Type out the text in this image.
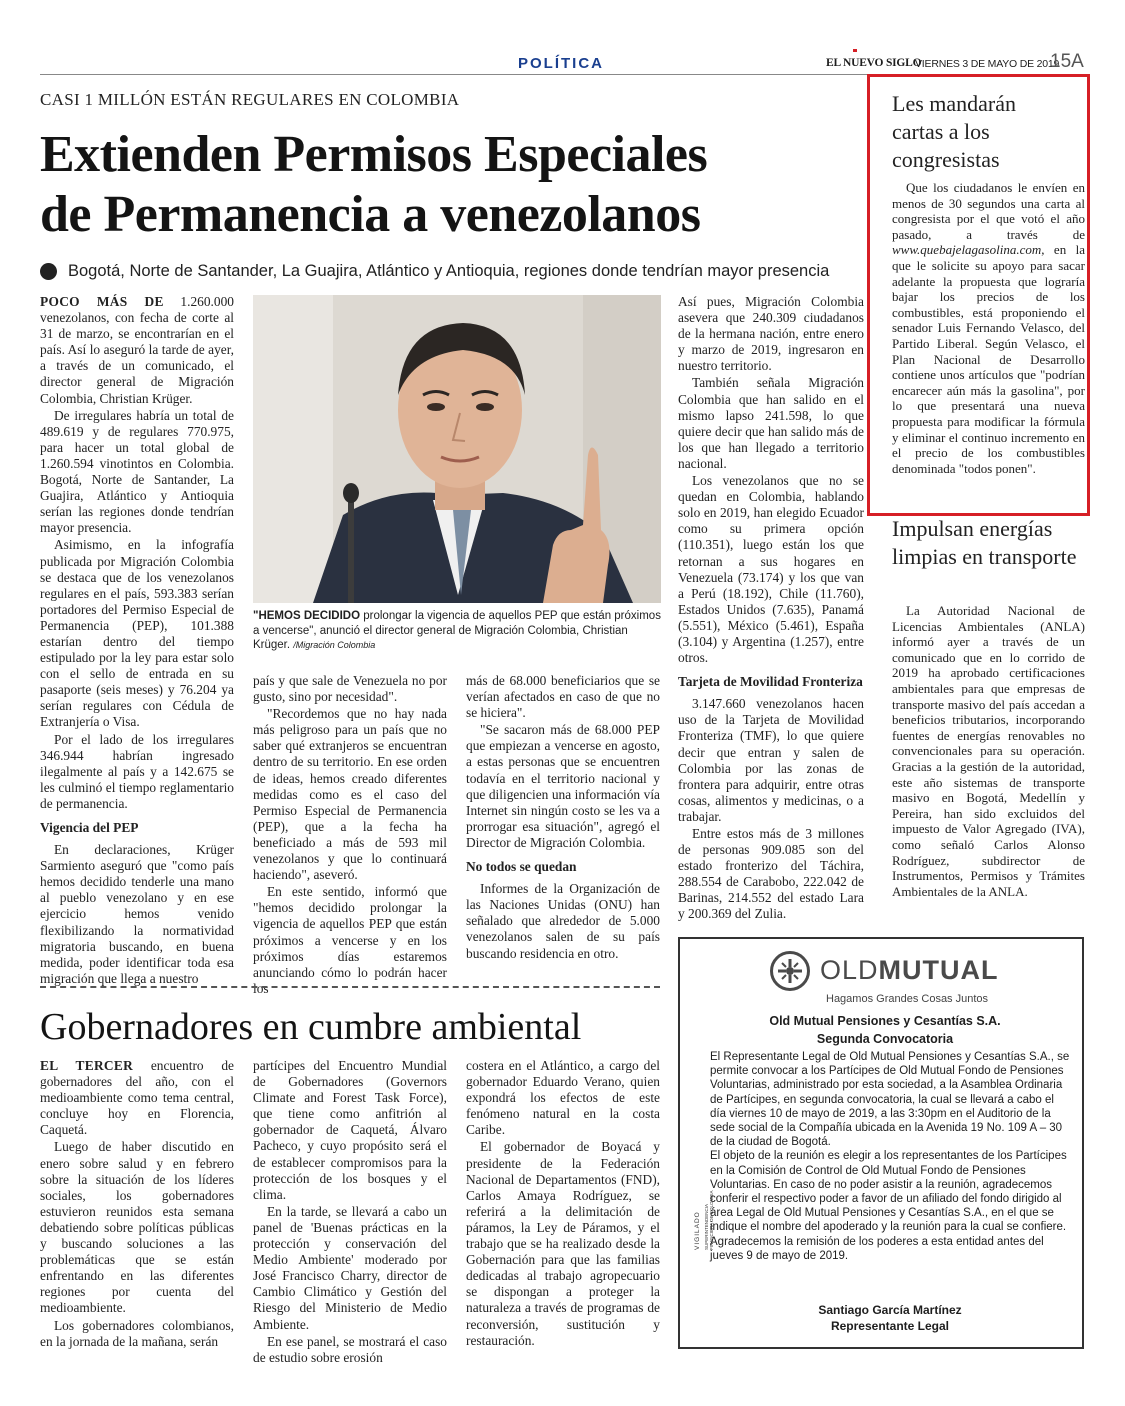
POLÍTICA	EL NUEVO SIGLO
VIERNES 3 DE MAYO DE 2019
15A
CASI 1 MILLÓN ESTÁN REGULARES EN COLOMBIA
Extienden Permisos Especiales
de Permanencia a venezolanos
Bogotá, Norte de Santander, La Guajira, Atlántico y Antioquia, regiones donde tendrían mayor presencia

POCO MÁS DE 1.260.000 venezolanos, con fecha de corte al 31 de marzo, se encontrarían en el país. Así lo aseguró la tarde de ayer, a través de un comunicado, el director general de Migración Colombia, Christian Krüger.

De irregulares habría un total de 489.619 y de regulares 770.975, para hacer un total global de 1.260.594 vinotintos en Colombia. Bogotá, Norte de Santander, La Guajira, Atlántico y Antioquia serían las regiones donde tendrían mayor presencia.

Asimismo, en la infografía publicada por Migración Colombia se destaca que de los venezolanos regulares en el país, 593.383 serían portadores del Permiso Especial de Permanencia (PEP), 101.388 estarían dentro del tiempo estipulado por la ley para estar solo con el sello de entrada en su pasaporte (seis meses) y 76.204 ya serían regulares con Cédula de Extranjería o Visa.

Por el lado de los irregulares 346.944 habrían ingresado ilegalmente al país y a 142.675 se les culminó el tiempo reglamentario de permanencia.

Vigencia del PEP

En declaraciones, Krüger Sarmiento aseguró que "como país hemos decidido tenderle una mano al pueblo venezolano y en ese ejercicio hemos venido flexibilizando la normatividad migratoria buscando, en buena medida, poder identificar toda esa migración que llega a nuestro

"HEMOS DECIDIDO prolongar la vigencia de aquellos PEP que están próximos a vencerse", anunció el director general de Migración Colombia, Christian Krüger. /Migración Colombia

país y que sale de Venezuela no por gusto, sino por necesidad".

"Recordemos que no hay nada más peligroso para un país que no saber qué extranjeros se encuentran dentro de su territorio. En ese orden de ideas, hemos creado diferentes medidas como es el caso del Permiso Especial de Permanencia (PEP), que a la fecha ha beneficiado a más de 593 mil venezolanos y que lo continuará haciendo", aseveró.

En este sentido, informó que "hemos decidido prolongar la vigencia de aquellos PEP que están próximos a vencerse y en los próximos días estaremos anunciando cómo lo podrán hacer los

más de 68.000 beneficiarios que se verían afectados en caso de que no se hiciera".

"Se sacaron más de 68.000 PEP que empiezan a vencerse en agosto, a estas personas que se encuentren todavía en el territorio nacional y que diligencien una información vía Internet sin ningún costo se les va a prorrogar esa situación", agregó el Director de Migración Colombia.

No todos se quedan

Informes de la Organización de las Naciones Unidas (ONU) han señalado que alrededor de 5.000 venezolanos salen de su país buscando residencia en otro.

Así pues, Migración Colombia asevera que 240.309 ciudadanos de la hermana nación, entre enero y marzo de 2019, ingresaron en nuestro territorio.

También señala Migración Colombia que han salido en el mismo lapso 241.598, lo que quiere decir que han salido más de los que han llegado a territorio nacional.

Los venezolanos que no se quedan en Colombia, hablando solo en 2019, han elegido Ecuador como su primera opción (110.351), luego están los que retornan a sus hogares en Venezuela (73.174) y los que van a Perú (18.192), Chile (11.760), Estados Unidos (7.635), Panamá (5.551), México (5.461), España (3.104) y Argentina (1.257), entre otros.

Tarjeta de Movilidad Fronteriza

3.147.660 venezolanos hacen uso de la Tarjeta de Movilidad Fronteriza (TMF), lo que quiere decir que entran y salen de Colombia por las zonas de frontera para adquirir, entre otras cosas, alimentos y medicinas, o a trabajar.

Entre estos más de 3 millones de personas 909.085 son del estado fronterizo del Táchira, 288.554 de Carabobo, 222.042 de Barinas, 214.552 del estado Lara y 200.369 del Zulia.

Les mandarán cartas a los congresistas

Que los ciudadanos le envíen en menos de 30 segundos una carta al congresista por el que votó el año pasado, a través de www.quebajelagasolina.com, en la que le solicite su apoyo para sacar adelante la propuesta que lograría bajar los precios de los combustibles, está proponiendo el senador Luis Fernando Velasco, del Partido Liberal. Según Velasco, el Plan Nacional de Desarrollo contiene unos artículos que "podrían encarecer aún más la gasolina", por lo que presentará una nueva propuesta para modificar la fórmula y eliminar el continuo incremento en el precio de los combustibles denominada "todos ponen".

Impulsan energías limpias en transporte

La Autoridad Nacional de Licencias Ambientales (ANLA) informó ayer a través de un comunicado que en lo corrido de 2019 ha aprobado certificaciones ambientales para que empresas de transporte masivo del país accedan a beneficios tributarios, incorporando fuentes de energías renovables no convencionales para su operación. Gracias a la gestión de la autoridad, este año sistemas de transporte masivo en Bogotá, Medellín y Pereira, han sido excluidos del impuesto de Valor Agregado (IVA), como señaló Carlos Alonso Rodríguez, subdirector de Instrumentos, Permisos y Trámites Ambientales de la ANLA.

Gobernadores en cumbre ambiental

EL TERCER encuentro de gobernadores del año, con el medioambiente como tema central, concluye hoy en Florencia, Caquetá.

Luego de haber discutido en enero sobre salud y en febrero sobre la situación de los líderes sociales, los gobernadores estuvieron reunidos esta semana debatiendo sobre políticas públicas y buscando soluciones a las problemáticas que se están enfrentando en las diferentes regiones por cuenta del medioambiente.

Los gobernadores colombianos, en la jornada de la mañana, serán

partícipes del Encuentro Mundial de Gobernadores (Governors Climate and Forest Task Force), que tiene como anfitrión al gobernador de Caquetá, Álvaro Pacheco, y cuyo propósito será el de establecer compromisos para la protección de los bosques y el clima.

En la tarde, se llevará a cabo un panel de 'Buenas prácticas en la protección y conservación del Medio Ambiente' moderado por José Francisco Charry, director de Cambio Climático y Gestión del Riesgo del Ministerio de Medio Ambiente.

En ese panel, se mostrará el caso de estudio sobre erosión

costera en el Atlántico, a cargo del gobernador Eduardo Verano, quien expondrá los efectos de este fenómeno natural en la costa Caribe.

El gobernador de Boyacá y presidente de la Federación Nacional de Departamentos (FND), Carlos Amaya Rodríguez, se referirá a la delimitación de páramos, la Ley de Páramos, y el trabajo que se ha realizado desde la Gobernación para que las familias dedicadas al trabajo agropecuario se dispongan a proteger la naturaleza a través de programas de reconversión, sustitución y restauración.

OLDMUTUAL
Hagamos Grandes Cosas Juntos
Old Mutual Pensiones y Cesantías S.A.
Segunda Convocatoria

El Representante Legal de Old Mutual Pensiones y Cesantías S.A., se permite convocar a los Partícipes de Old Mutual Fondo de Pensiones Voluntarias, administrado por esta sociedad, a la Asamblea Ordinaria de Partícipes, en segunda convocatoria, la cual se llevará a cabo el día viernes 10 de mayo de 2019, a las 3:30pm en el Auditorio de la sede social de la Compañía ubicada en la Avenida 19 No. 109 A – 30 de la ciudad de Bogotá.

El objeto de la reunión es elegir a los representantes de los Partícipes en la Comisión de Control de Old Mutual Fondo de Pensiones Voluntarias. En caso de no poder asistir a la reunión, agradecemos conferir el respectivo poder a favor de un afiliado del fondo dirigido al área Legal de Old Mutual Pensiones y Cesantías S.A., en el que se indique el nombre del apoderado y la reunión para la cual se confiere. Agradecemos la remisión de los poderes a esta entidad antes del jueves 9 de mayo de 2019.

Santiago García Martínez
Representante Legal
VIGILADO SUPERINTENDENCIA FINANCIERA DE COLOMBIA
